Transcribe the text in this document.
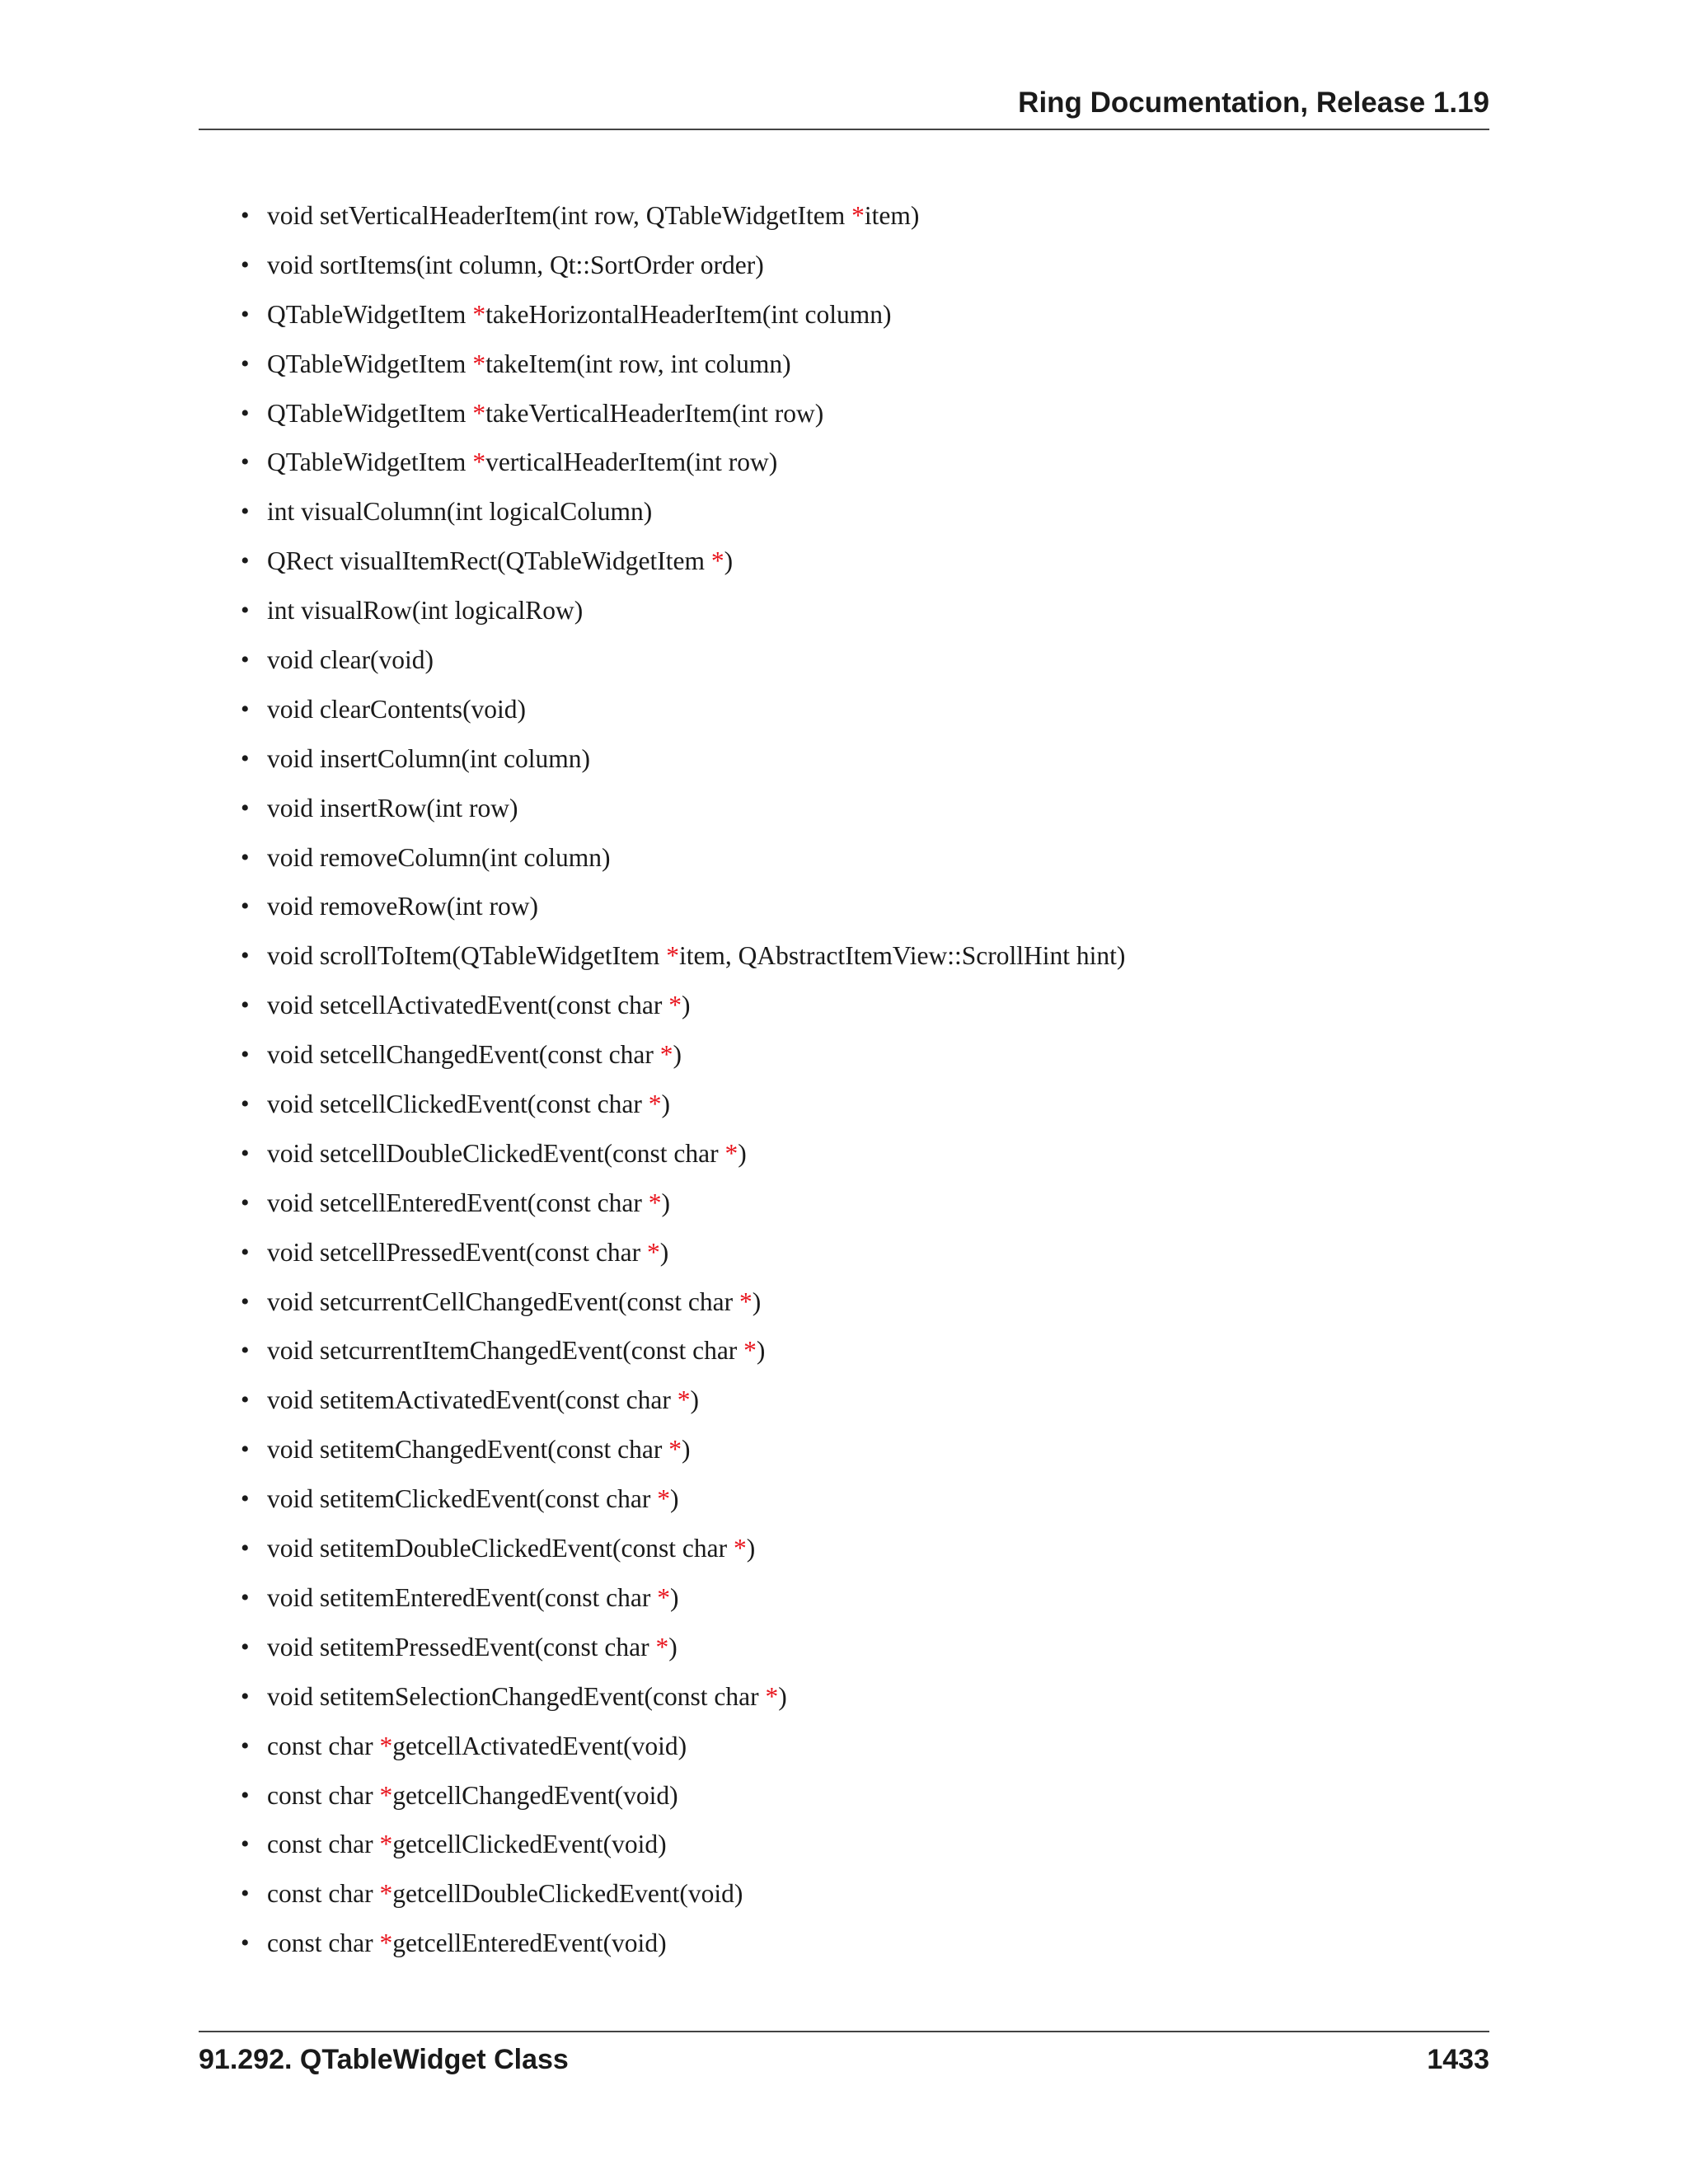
Ring Documentation, Release 1.19
• void setVerticalHeaderItem(int row, QTableWidgetItem *item)
• void sortItems(int column, Qt::SortOrder order)
• QTableWidgetItem *takeHorizontalHeaderItem(int column)
• QTableWidgetItem *takeItem(int row, int column)
• QTableWidgetItem *takeVerticalHeaderItem(int row)
• QTableWidgetItem *verticalHeaderItem(int row)
• int visualColumn(int logicalColumn)
• QRect visualItemRect(QTableWidgetItem *)
• int visualRow(int logicalRow)
• void clear(void)
• void clearContents(void)
• void insertColumn(int column)
• void insertRow(int row)
• void removeColumn(int column)
• void removeRow(int row)
• void scrollToItem(QTableWidgetItem *item, QAbstractItemView::ScrollHint hint)
• void setcellActivatedEvent(const char *)
• void setcellChangedEvent(const char *)
• void setcellClickedEvent(const char *)
• void setcellDoubleClickedEvent(const char *)
• void setcellEnteredEvent(const char *)
• void setcellPressedEvent(const char *)
• void setcurrentCellChangedEvent(const char *)
• void setcurrentItemChangedEvent(const char *)
• void setitemActivatedEvent(const char *)
• void setitemChangedEvent(const char *)
• void setitemClickedEvent(const char *)
• void setitemDoubleClickedEvent(const char *)
• void setitemEnteredEvent(const char *)
• void setitemPressedEvent(const char *)
• void setitemSelectionChangedEvent(const char *)
• const char *getcellActivatedEvent(void)
• const char *getcellChangedEvent(void)
• const char *getcellClickedEvent(void)
• const char *getcellDoubleClickedEvent(void)
• const char *getcellEnteredEvent(void)
91.292. QTableWidget Class	1433
